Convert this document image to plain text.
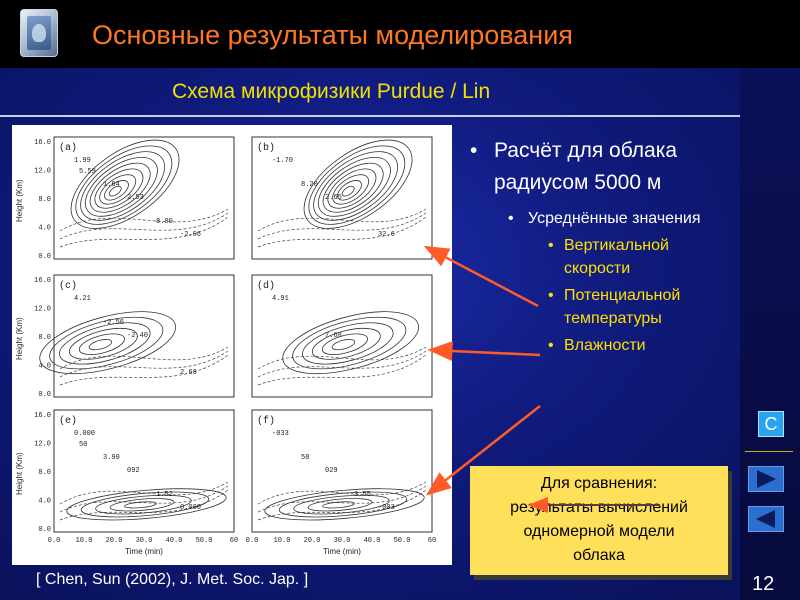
Основные результаты моделирования
Схема микрофизики Purdue / Lin
Height (Km)
Height (Km)
Height (Km)
(a)
16.0
12.0
8.0
4.0
0.0
1.99
2.53
-2.06
1.64
8.00
5.59
(b)
-1.70
2.65
32.6
8.20
(c)
16.0
12.0
8.0
4.0
0.0
4.21
-2.40
2.68
-2.56
(d)
4.91
7.68
(e)
16.0
12.0
8.0
4.0
0.0
0.000
092
0.000
3.90
1.52
50
(f)
-033
029
-003
58
3.55
0.0 10.0 20.0 30.0 40.0 50.0 60
Time (min)
0.0 10.0 20.0 30.0 40.0 50.0 60
Time (min)
[ Chen, Sun (2002), J. Met. Soc. Jap. ]
• Расчёт для облака радиусом 5000 м
• Усреднённые значения
• Вертикальной скорости
• Потенциальной температуры
• Влажности
Для сравнения:
результаты вычислений
одномерной модели
облака
С
12
